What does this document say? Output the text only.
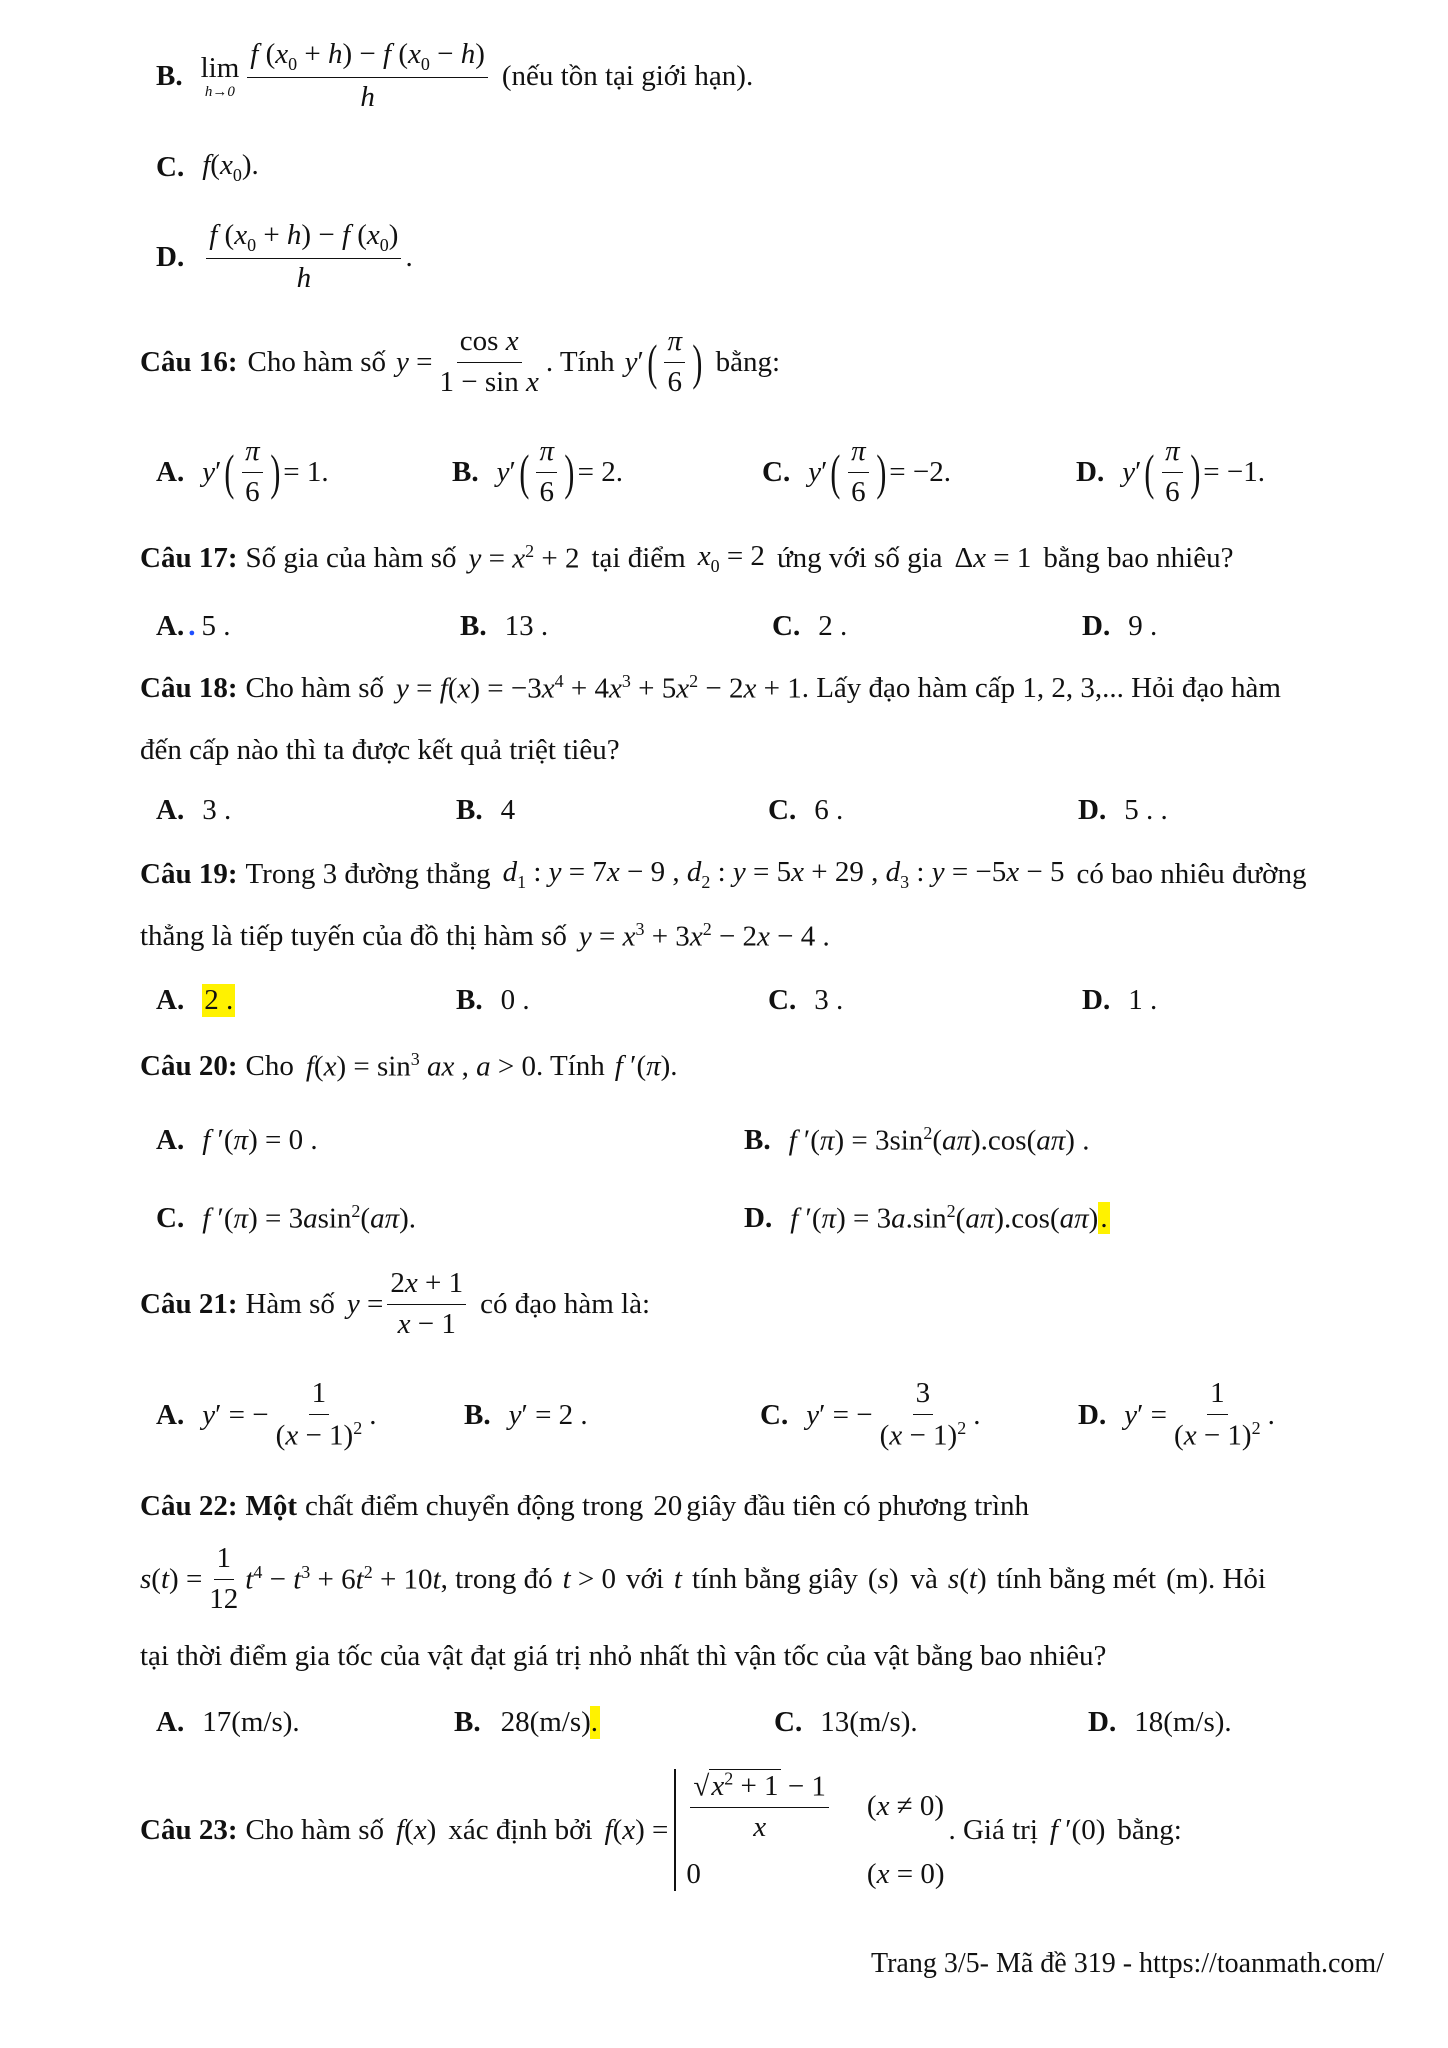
B. lim
$h\to 0 \frac{f (x_0 + h) - f (x_0 - h)}{h}$ (nếu tồn tại giới hạn).
C. $f(x_0)$.
D. $\frac{f (x_0 + h) - f (x_0)}{h}$ .
Câu 16: Cho hàm số $y = \frac{\text{cos x}}{\text{1 − sin x}}$ . Tính y′ ( $\frac{\pi}{6}$ ) bằng:
A. y ′ ( $\frac{\pi}{6}$ ) = 1.	B. y ′ ( $\frac{\pi}{6}$ ) = 2.	C. y ′ ( $\frac{\pi}{6}$ ) = −2.	D. y ′ ( $\frac{\pi}{6}$ ) = −1.
Câu 17: Số gia của hàm số $y = x^2 + 2$ tại điểm $x_0 = 2$ ứng với số gia Δx = 1 bằng bao nhiêu?
A. . 5 .	B. 13 .	C. 2 .	D. 9 .
Câu 18: Cho hàm số $y = f(x) = -3x^4 + 4x^3 + 5x^2 - 2x + 1$ . Lấy đạo hàm cấp 1, 2, 3,... Hỏi đạo hàm
đến cấp nào thì ta được kết quả triệt tiêu?
A. 3 .	B. 4	C. 6 .	D. 5 . .
Câu 19: Trong 3 đường thẳng $d_1$ : y = 7x − 9 , $d_2$ : y = 5x + 29 , $d_3$ : y = −5x − 5 có bao nhiêu đường
thẳng là tiếp tuyến của đồ thị hàm số $y = x^3 + 3x^2 - 2x - 4$ .
A. 2 .	B. 0 .	C. 3 .	D. 1 .
Câu 20: Cho $f(x) = \sin^3$ ax , a > 0 . Tính f ′(π).
A. f ′(π) = 0 .	B. f $'(\pi) = 3\sin^2(a\pi).\cos(a\pi)$ .
C. f ′(π) = 3asin$^2$(aπ).	D. f $'(\pi) = 3a.\sin^2(a\pi).\cos(a\pi)$.
Câu 21: Hàm số $y = \frac{2x + 1}{x - 1}$ có đạo hàm là:
A. y ′ = − $\frac{1}{(x - 1)^2}$ .	B. y′ = 2 .	C. y ′ = − $\frac{3}{(x - 1)^2}$ .	D. y ′ = $\frac{1}{(x - 1)^2}$ .
Câu 22: Một chất điểm chuyển động trong 20 giây đầu tiên có phương trình
$s(t) = \frac{1}{12} t^4 - t^3 + 6t^2 + 10t$ , trong đó t > 0 với t tính bằng giây (s) và s(t) tính bằng mét (m) . Hỏi
tại thời điểm gia tốc của vật đạt giá trị nhỏ nhất thì vận tốc của vật bằng bao nhiêu?
A. 17(m/s).	B. 28(m/s).	C. 13(m/s).	D. 18(m/s).
Câu 23: Cho hàm số f(x) xác định bởi $f(x) = \frac{√x^2 + 1 - 1}{x} (x \ne 0)$
0	(x = 0)
. Giá trị f ′(0) bằng:
Trang 3/5- Mã đề 319 - https://toanmath.com/
